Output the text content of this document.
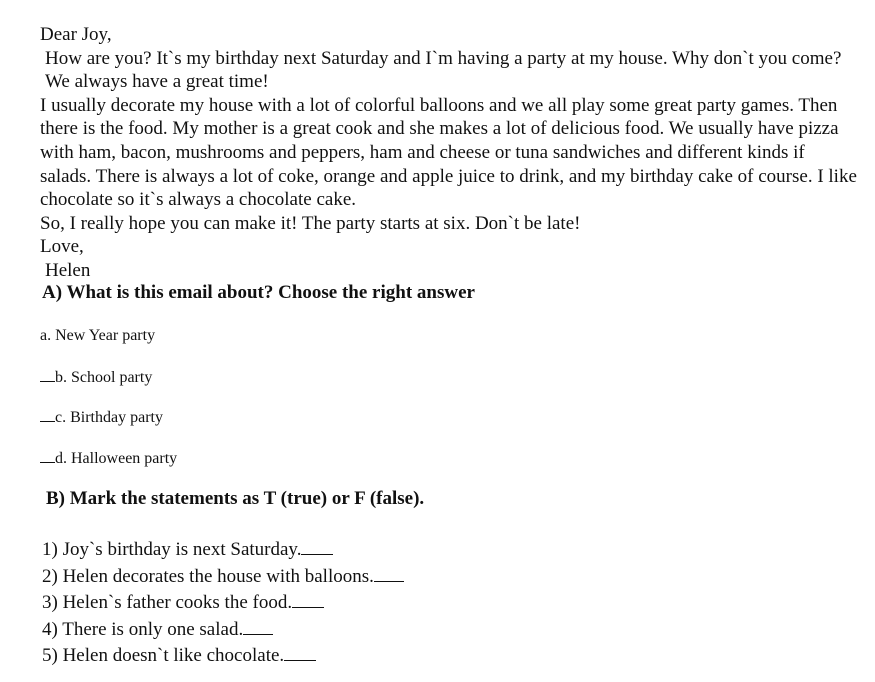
Dear Joy,

How are you? It`s my birthday next Saturday and I`m having a party at my house. Why don`t you come? We always have a great time!

I usually decorate my house with a lot of colorful balloons and we all play some great party games. Then there is the food. My mother is a great cook and she makes a lot of delicious food. We usually have pizza with ham, bacon, mushrooms and peppers, ham and cheese or tuna sandwiches and different kinds if salads. There is always a lot of coke, orange and apple juice to drink, and my birthday cake of course. I like chocolate so it`s always a chocolate cake.

So, I really hope you can make it! The party starts at six. Don`t be late!

Love,

Helen

A) What is this email about? Choose the right answer
a. New Year party
b. School party
c. Birthday party
d. Halloween party
B) Mark the statements as T (true) or F (false).
1) Joy`s birthday is next Saturday.
2) Helen decorates the house with balloons.
3) Helen`s father cooks the food.
4) There is only one salad.
5) Helen doesn`t like chocolate.
